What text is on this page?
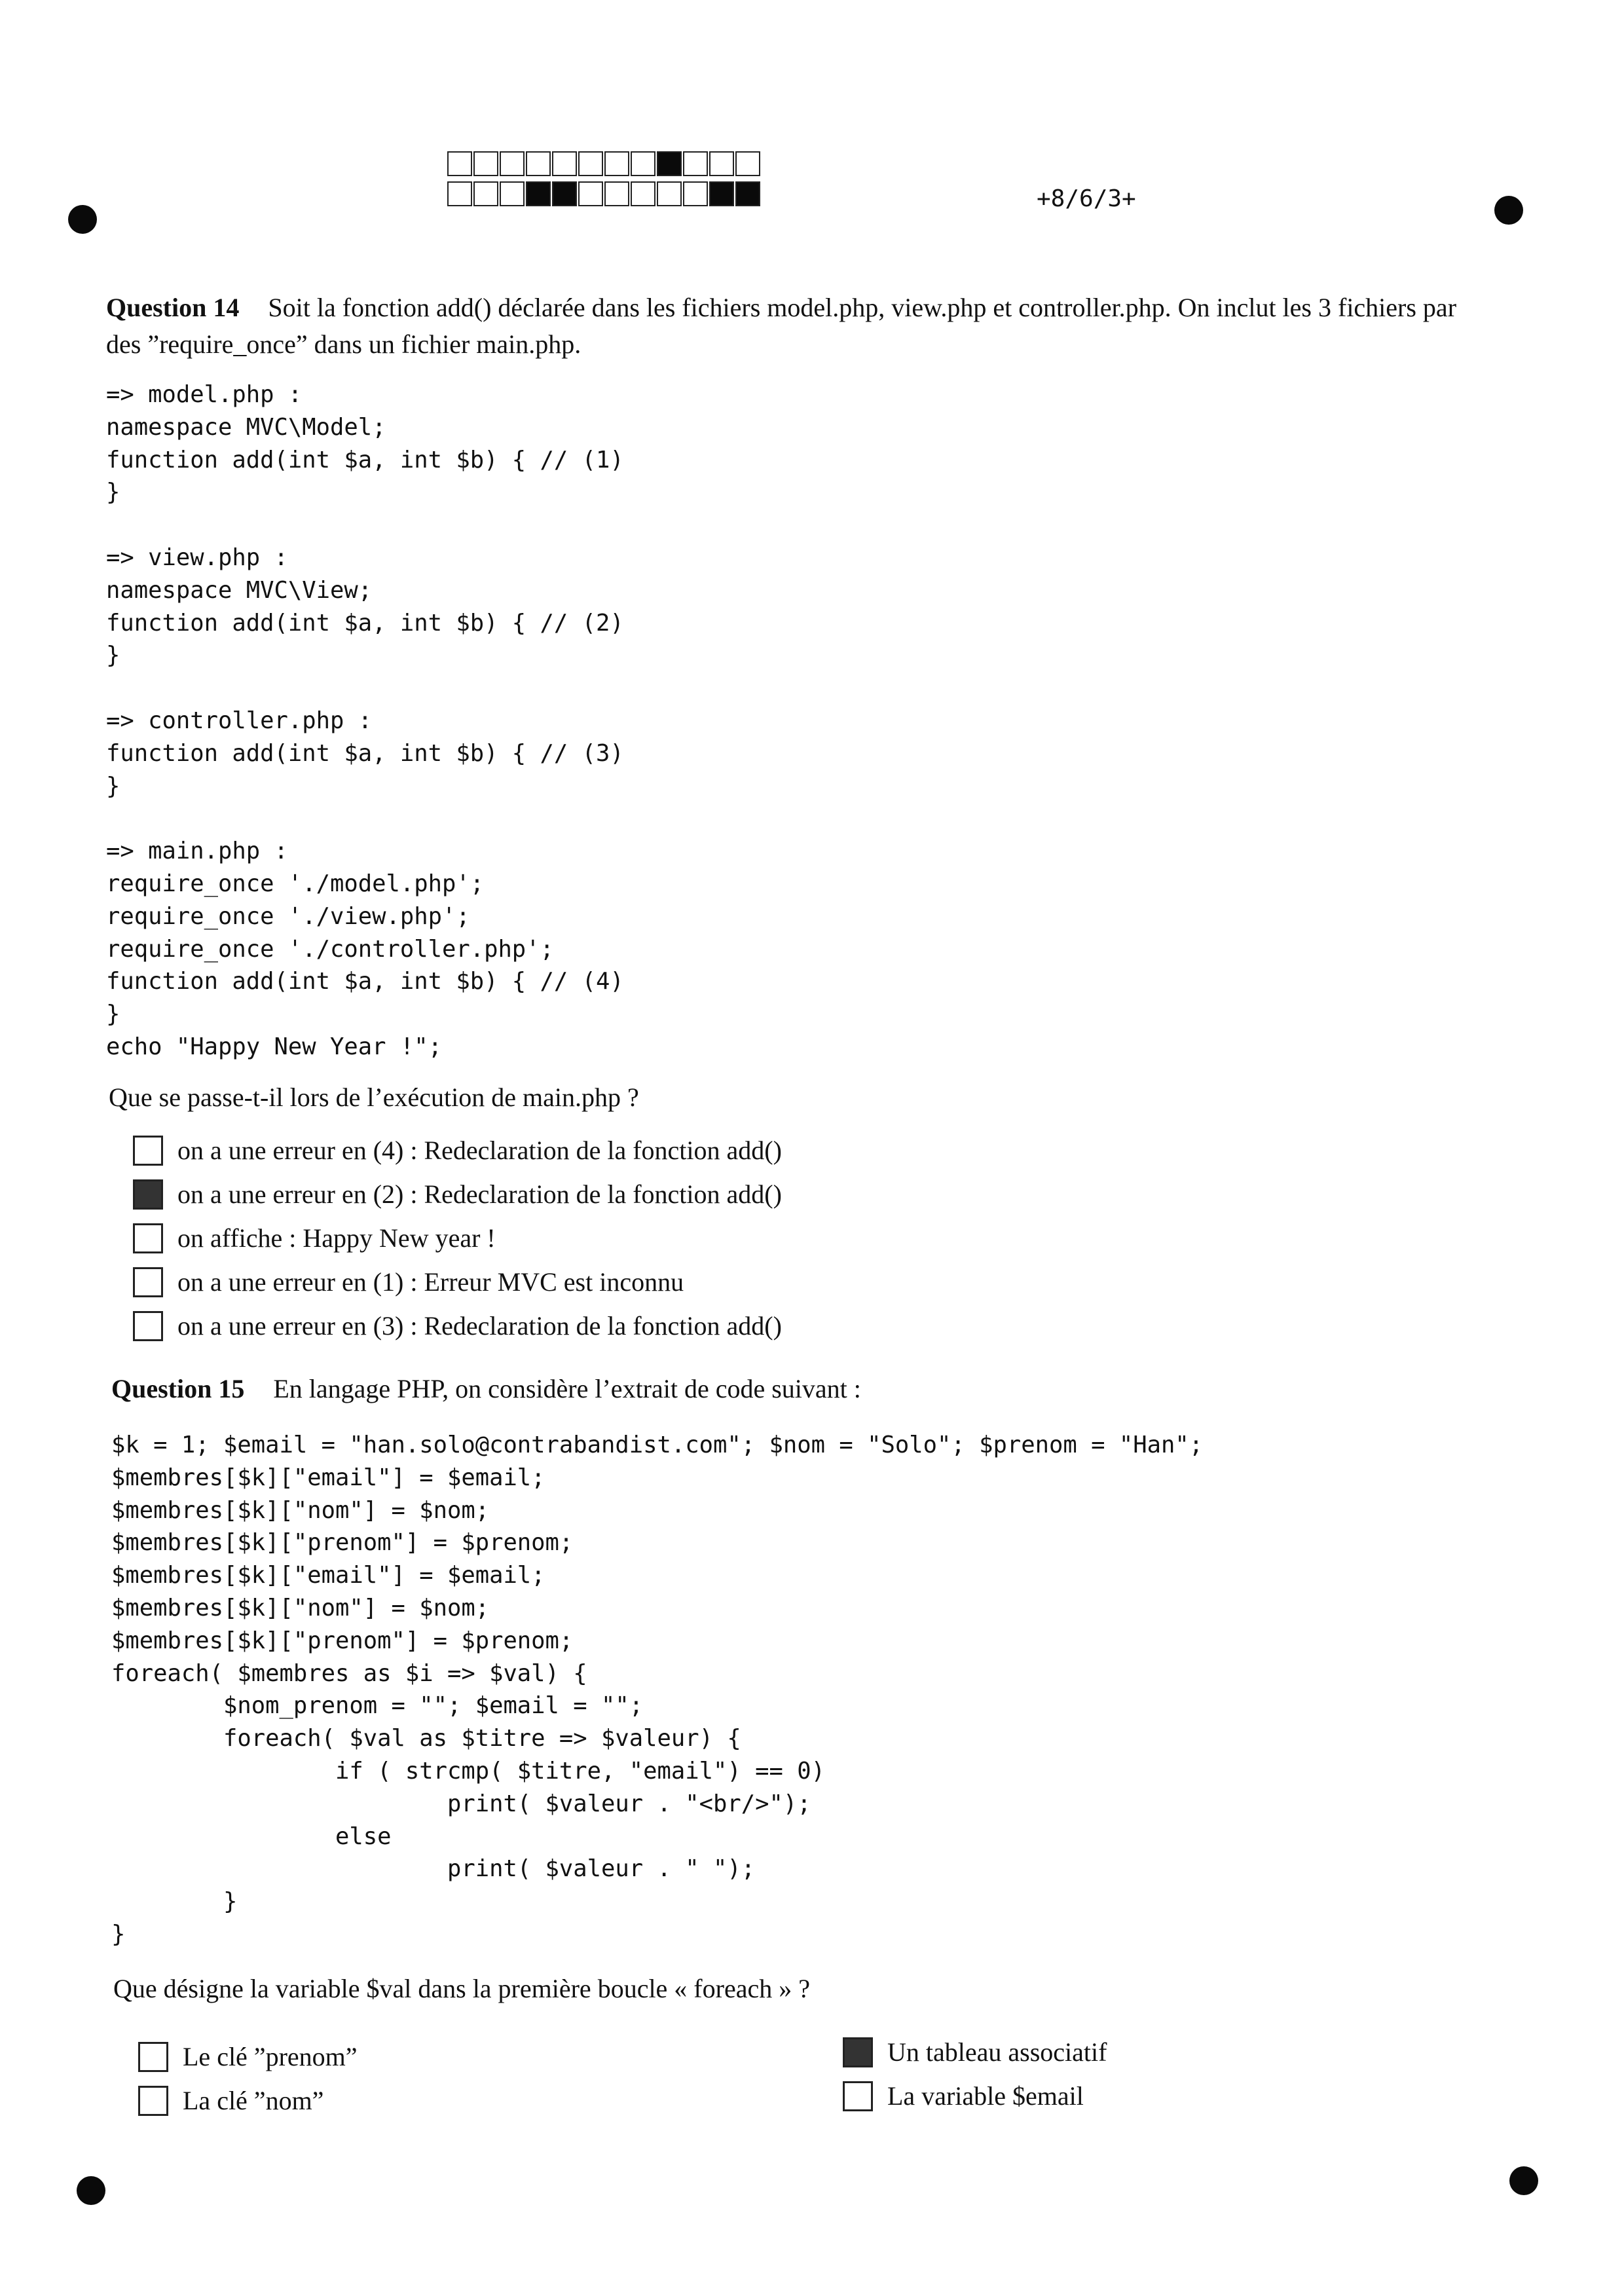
+8/6/3+
Question 14 Soit la fonction add() déclarée dans les fichiers model.php, view.php et controller.php. On inclut les 3 fichiers par des ”require_once” dans un fichier main.php.
=> model.php :
namespace MVC\Model;
function add(int $a, int $b) { // (1)
}

=> view.php :
namespace MVC\View;
function add(int $a, int $b) { // (2)
}

=> controller.php :
function add(int $a, int $b) { // (3)
}

=> main.php :
require_once './model.php';
require_once './view.php';
require_once './controller.php';
function add(int $a, int $b) { // (4)
}
echo "Happy New Year !";
Que se passe-t-il lors de l’exécution de main.php ?
on a une erreur en (4) : Redeclaration de la fonction add()
on a une erreur en (2) : Redeclaration de la fonction add()
on affiche : Happy New year !
on a une erreur en (1) : Erreur MVC est inconnu
on a une erreur en (3) : Redeclaration de la fonction add()
Question 15 En langage PHP, on considère l’extrait de code suivant :
$k = 1; $email = "han.solo@contrabandist.com"; $nom = "Solo"; $prenom = "Han";
$membres[$k]["email"] = $email;
$membres[$k]["nom"] = $nom;
$membres[$k]["prenom"] = $prenom;
$membres[$k]["email"] = $email;
$membres[$k]["nom"] = $nom;
$membres[$k]["prenom"] = $prenom;
foreach( $membres as $i => $val) {
$nom_prenom = ""; $email = "";
foreach( $val as $titre => $valeur) {
if ( strcmp( $titre, "email") == 0)
print( $valeur . "<br/>");
else
print( $valeur . " ");
}
}
Que désigne la variable $val dans la première boucle « foreach » ?
Le clé ”prenom”
La clé ”nom”
Un tableau associatif
La variable $email
